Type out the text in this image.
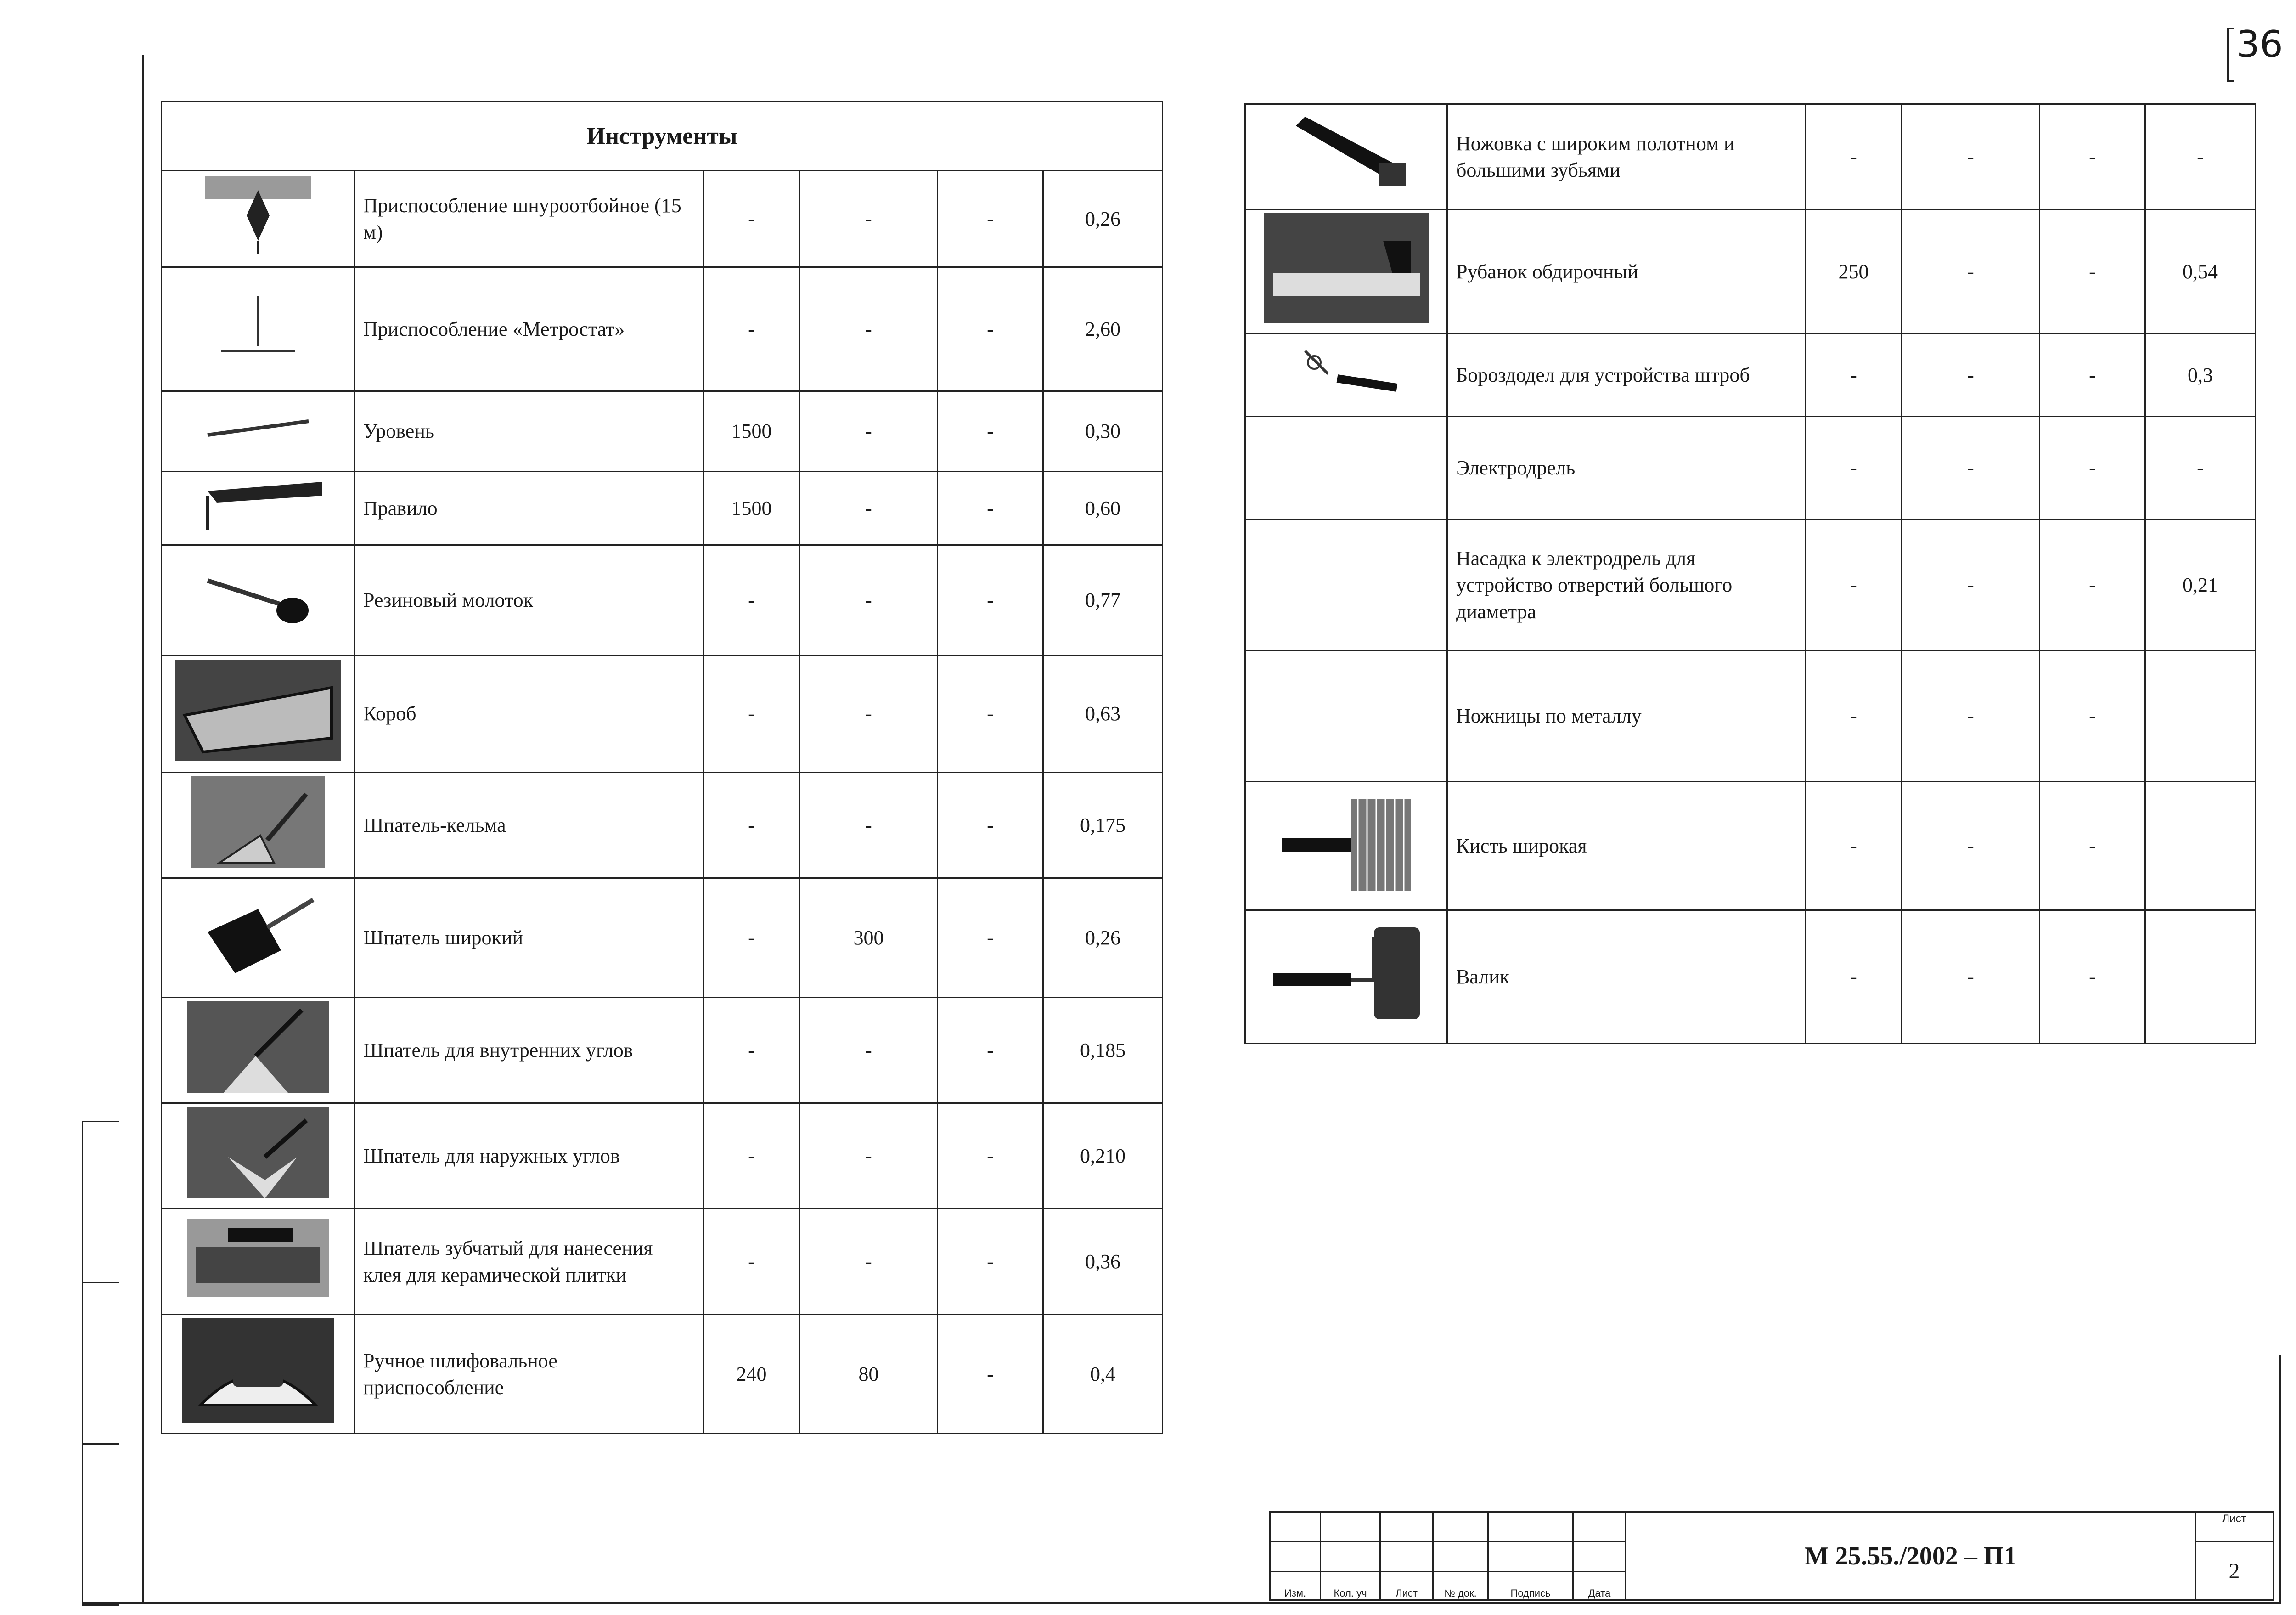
36
Инструменты					

	Приспособление шнуроотбойное (15 м)	-	-	-	0,26

	Приспособление «Метростат»	-	-	-	2,60

	Уровень	1500	-	-	0,30

	Правило	1500	-	-	0,60

	Резиновый молоток	-	-	-	0,77

	Короб	-	-	-	0,63

	Шпатель-кельма	-	-	-	0,175

	Шпатель широкий	-	300	-	0,26

	Шпатель для внутренних углов	-	-	-	0,185

	Шпатель для наружных углов	-	-	-	0,210

	Шпатель зубчатый для нанесения клея для керамической плитки	-	-	-	0,36

	Ручное шлифовальное приспособление	240	80	-	0,4
	Ножовка с широким полотном и большими зубьями	-	-	-	-

	Рубанок обдирочный	250	-	-	0,54

	Бороздодел для устройства штроб	-	-	-	0,3
	Электродрель	-	-	-	-
	Насадка к электродрель для устройство отверстий большого диаметра	-	-	-	0,21
	Ножницы по металлу	-	-	-	

	Кисть широкая	-	-	-	

	Валик	-	-	-	
						М 25.55./2002 – П1	Лист
							2
Изм.	Кол. уч	Лист	№ док.	Подпись	Дата		
